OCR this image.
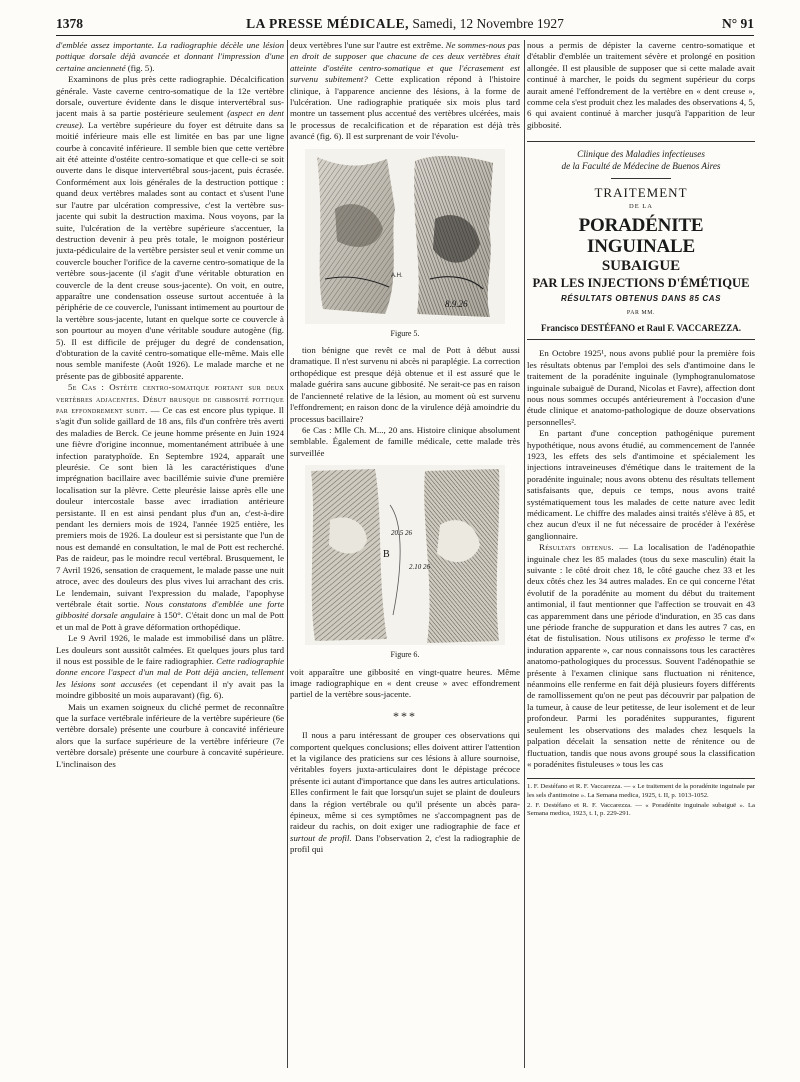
1378	LA PRESSE MÉDICALE, Samedi, 12 Novembre 1927	N° 91

d'emblée assez importante. La radiographie décèle une lésion pottique dorsale déjà avancée et donnant l'impression d'une certaine ancienneté (fig. 5).

Examinons de plus près cette radiographie. Décalcification générale. Vaste caverne centro-somatique de la 12e vertèbre dorsale, ouverture évidente dans le disque intervertébral sus-jacent mais à sa partie postérieure seulement (aspect en dent creuse). La vertèbre supérieure du foyer est détruite dans sa moitié inférieure mais elle est limitée en bas par une ligne courbe à concavité inférieure. Il semble bien que cette vertèbre ait été atteinte d'ostéite centro-somatique et que celle-ci se soit ouverte dans le disque intervertébral sous-jacent, puis écrasée. Conformément aux lois générales de la destruction pottique : quand deux vertèbres malades sont au contact et s'usent l'une sur l'autre par ulcération compressive, c'est la vertèbre sus-jacente qui subit la destruction maxima. Nous voyons, par la suite, l'ulcération de la vertèbre supérieure s'accentuer, la destruction devenir à peu près totale, le moignon postérieur juxta-pédiculaire de la vertèbre persister seul et venir comme un couvercle boucher l'orifice de la caverne centro-somatique de la vertèbre sous-jacente (il s'agit d'une véritable obturation en couvercle de la dent creuse sous-jacente). On voit, en outre, apparaître une condensation osseuse surtout accentuée à la périphérie de ce couvercle, l'unissant intimement au pourtour de la vertèbre sous-jacente, lutant en quelque sorte ce couvercle à son pourtour au moyen d'une véritable soudure autogène (fig. 5). Il est difficile de préjuger du degré de condensation, d'obturation de la cavité centro-somatique elle-même. Mais elle nous semble manifeste (Août 1926). Le malade marche et ne présente pas de gibbosité apparente.

5e Cas : Ostéite centro-somatique portant sur deux vertèbres adjacentes. Début brusque de gibbosité pottique par effondrement subit. — Ce cas est encore plus typique. Il s'agit d'un solide gaillard de 18 ans, fils d'un confrère très averti des maladies de Berck. Ce jeune homme présente en Juin 1924 une fièvre d'origine inconnue, momentanément attribuée à une infection paratyphoïde. En Septembre 1924, apparaît une pleurésie. Ce sont bien là les caractéristiques d'une imprégnation bacillaire avec bacillémie suivie d'une première localisation sur la plèvre. Cette pleurésie laisse après elle une douleur intercostale basse avec irradiation antérieure persistante. Il en est ainsi pendant plus d'un an, c'est-à-dire pendant les derniers mois de 1924, l'année 1925 entière, les premiers mois de 1926. La douleur est si persistante que l'un de nous est demandé en consultation, le mal de Pott est recherché. Pas de raideur, pas le moindre recul vertébral. Brusquement, le 7 Avril 1926, sensation de craquement, le malade passe une nuit atroce, avec des douleurs des plus vives lui arrachant des cris. Le lendemain, suivant l'expression du malade, l'apophyse vertébrale était sortie. Nous constatons d'emblée une forte gibbosité dorsale angulaire à 150°. C'était donc un mal de Pott et un mal de Pott à grave déformation orthopédique.

Le 9 Avril 1926, le malade est immobilisé dans un plâtre. Les douleurs sont aussitôt calmées. Et quelques jours plus tard il nous est possible de le faire radiographier. Cette radiographie donne encore l'aspect d'un mal de Pott déjà ancien, tellement les lésions sont accusées (et cependant il n'y avait pas la moindre gibbosité un mois auparavant) (fig. 6).

Mais un examen soigneux du cliché permet de reconnaître que la surface vertébrale inférieure de la vertèbre supérieure (6e vertèbre dorsale) présente une courbure à concavité inférieure alors que la surface supérieure de la vertèbre inférieure (7e vertèbre dorsale) présente une courbure à concavité supérieure. L'inclinaison des

deux vertèbres l'une sur l'autre est extrême. Ne sommes-nous pas en droit de supposer que chacune de ces deux vertèbres était atteinte d'ostéite centro-somatique et que l'écrasement est survenu subitement? Cette explication répond à l'histoire clinique, à l'apparence ancienne des lésions, à la forme de l'ulcération. Une radiographie pratiquée six mois plus tard montre un tassement plus accentué des vertèbres ulcérées, mais le processus de recalcification et de réparation est déjà très avancé (fig. 6). Il est surprenant de voir l'évolu-

A.H.
8.9.26
Figure 5.

tion bénigne que revêt ce mal de Pott à début aussi dramatique. Il n'est survenu ni abcès ni paraplégie. La correction orthopédique est presque déjà obtenue et il est assuré que le malade guérira sans aucune gibbosité. Ne serait-ce pas en raison de l'ancienneté relative de la lésion, au moment où est survenu l'effondrement; en raison donc de la virulence déjà amoindrie du processus bacillaire?

6e Cas : Mlle Ch. M..., 20 ans. Histoire clinique absolument semblable. Également de famille médicale, cette malade très surveillée

20.5 26
B
2.10 26
Figure 6.

voit apparaître une gibbosité en vingt-quatre heures. Même image radiographique en « dent creuse » avec effondrement partiel de la vertèbre sous-jacente.

***

Il nous a paru intéressant de grouper ces observations qui comportent quelques conclusions; elles doivent attirer l'attention et la vigilance des praticiens sur ces lésions à allure sournoise, véritables foyers juxta-articulaires dont le dépistage précoce présente ici autant d'importance que dans les autres articulations. Elles confirment le fait que lorsqu'un sujet se plaint de douleurs dans la région vertébrale ou qu'il présente un abcès para-épineux, même si ces symptômes ne s'accompagnent pas de raideur du rachis, on doit exiger une radiographie de face et surtout de profil. Dans l'observation 2, c'est la radiographie de profil qui

nous a permis de dépister la caverne centro-somatique et d'établir d'emblée un traitement sévère et prolongé en position allongée. Il est plausible de supposer que si cette malade avait continué à marcher, le poids du segment supérieur du corps aurait amené l'effondrement de la vertèbre en « dent creuse », comme cela s'est produit chez les malades des observations 4, 5, 6 qui avaient continué à marcher jusqu'à l'apparition de leur gibbosité.

Clinique des Maladies infectieuses
de la Faculté de Médecine de Buenos Aires
TRAITEMENT
DE LA
PORADÉNITE INGUINALE
SUBAIGUE
PAR LES INJECTIONS D'ÉMÉTIQUE
RÉSULTATS OBTENUS DANS 85 CAS
PAR MM.
Francisco DESTÉFANO et Raul F. VACCAREZZA.

En Octobre 1925¹, nous avons publié pour la première fois les résultats obtenus par l'emploi des sels d'antimoine dans le traitement de la poradénite inguinale (lymphogranulomatose inguinale subaiguë de Durand, Nicolas et Favre), affection dont nous nous sommes occupés antérieurement à l'occasion d'une étude clinique et anatomo-pathologique de douze observations personnelles².

En partant d'une conception pathogénique purement hypothétique, nous avons étudié, au commencement de l'année 1923, les effets des sels d'antimoine et spécialement les injections intraveineuses d'émétique dans le traitement de la poradénite inguinale; nous avons obtenu des résultats tellement satisfaisants que, depuis ce temps, nous avons traité systématiquement tous les malades de cette nature avec ledit médicament. Le chiffre des malades ainsi traités s'élève à 85, et chez aucun d'eux il ne fut nécessaire de procéder à l'exérèse ganglionnaire.

Résultats obtenus. — La localisation de l'adénopathie inguinale chez les 85 malades (tous du sexe masculin) était la suivante : le côté droit chez 18, le côté gauche chez 33 et les deux côtés chez les 34 autres malades. En ce qui concerne l'état évolutif de la poradénite au moment du début du traitement antimonial, il faut mentionner que l'affection se trouvait en 43 cas apparemment dans une période d'induration, en 35 cas dans une période franche de suppuration et dans les autres 7 cas, en état de fistulisation. Nous utilisons ex professo le terme d'« induration apparente », car nous connaissons tous les caractères anatomo-pathologiques du processus. Souvent l'adénopathie se présente à l'examen clinique sans fluctuation ni rénitence, néanmoins elle renferme en fait déjà plusieurs foyers différents de ramollissement qu'on ne peut pas découvrir par palpation de la tumeur, à cause de leur petitesse, de leur isolement et de leur profondeur. Parmi les poradénites suppurantes, figurent seulement les observations des malades chez lesquels la palpation décelait la sensation nette de rénitence ou de fluctuation, tandis que nous avons groupé sous la classification « poradénites fistuleuses » tous les cas

1. F. Destéfano et R. F. Vaccarezza. — « Le traitement de la poradénite inguinale par les sels d'antimoine ». La Semana medica, 1925, t. II, p. 1013-1052.

2. F. Destéfano et R. F. Vaccarezza. — « Poradénite inguinale subaiguë ». La Semana medica, 1923, t. I, p. 229-291.
